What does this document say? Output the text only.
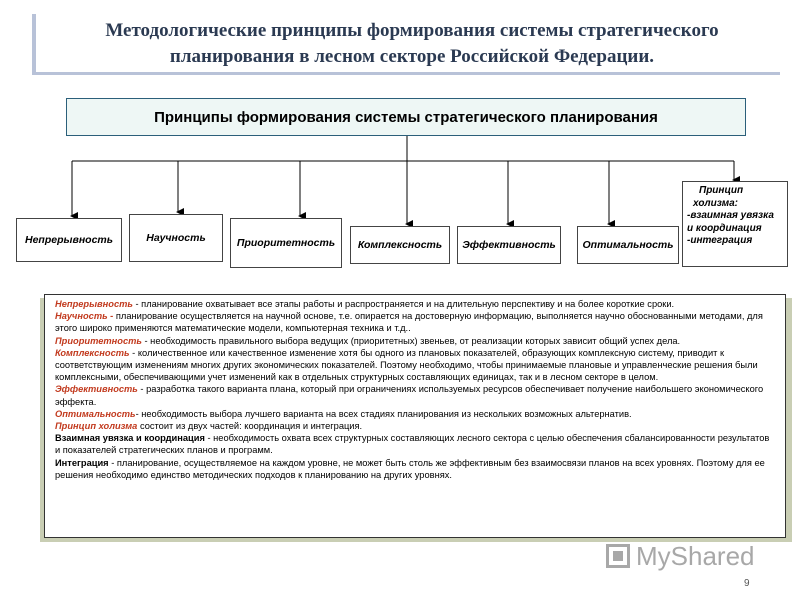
Методологические принципы формирования системы стратегического
планирования в лесном секторе Российской Федерации.
Принципы формирования системы стратегического планирования
Непрерывность	Научность	Приоритетность	Комплексность	Эффективность	Оптимальность
Принцип
холизма:
-взаимная увязка
и координация
-интеграция

Непрерывность - планирование охватывает все этапы работы и распространяется и на длительную перспективу и на более короткие сроки.

Научность - планирование осуществляется на научной основе, т.е. опирается на достоверную информацию, выполняется научно обоснованными методами, для этого широко применяются математические модели, компьютерная техника и т.д..

Приоритетность - необходимость правильного выбора ведущих (приоритетных) звеньев, от реализации которых зависит общий успех дела.

Комплексность - количественное или качественное изменение хотя бы одного из плановых показателей, образующих комплексную систему, приводит к соответствующим изменениям многих других экономических показателей. Поэтому необходимо, чтобы принимаемые плановые и управленческие решения были комплексными, обеспечивающими учет изменений как в отдельных структурных составляющих единицах, так и в лесном секторе в целом.

Эффективность - разработка такого варианта плана, который при ограничениях используемых ресурсов обеспечивает получение наибольшего экономического эффекта.

Оптимальность- необходимость выбора лучшего варианта на всех стадиях планирования из нескольких возможных альтернатив.

Принцип холизма состоит из двух частей: координация и интеграция.

Взаимная увязка и координация - необходимость охвата всех структурных составляющих лесного сектора с целью обеспечения сбалансированности результатов и показателей стратегических планов и программ.

Интеграция - планирование, осуществляемое на каждом уровне, не может быть столь же эффективным без взаимосвязи планов на всех уровнях. Поэтому для ее решения необходимо единство методических подходов к планированию на других уровнях.

MyShared
9
